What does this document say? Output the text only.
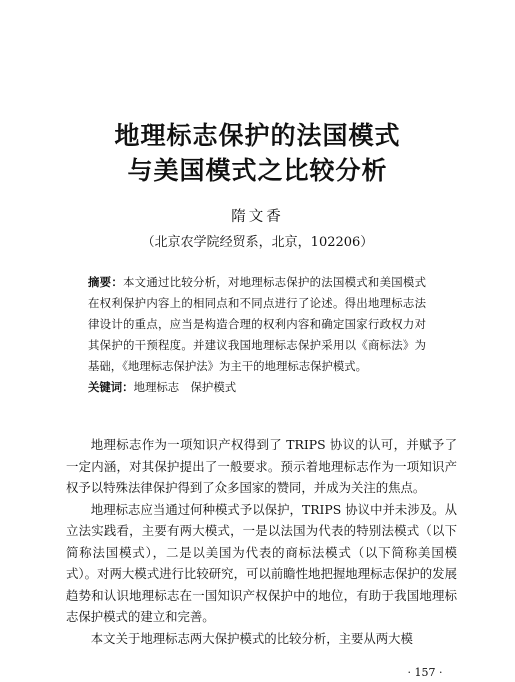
地理标志保护的法国模式
与美国模式之比较分析
隋文香
（北京农学院经贸系，北京，102206）

摘要：本文通过比较分析，对地理标志保护的法国模式和美国模式在权利保护内容上的相同点和不同点进行了论述。得出地理标志法律设计的重点，应当是构造合理的权利内容和确定国家行政权力对其保护的干预程度。并建议我国地理标志保护采用以《商标法》为基础，《地理标志保护法》为主干的地理标志保护模式。

关键词：地理标志　保护模式

地理标志作为一项知识产权得到了 TRIPS 协议的认可，并赋予了一定内涵，对其保护提出了一般要求。预示着地理标志作为一项知识产权予以特殊法律保护得到了众多国家的赞同，并成为关注的焦点。

地理标志应当通过何种模式予以保护，TRIPS 协议中并未涉及。从立法实践看，主要有两大模式，一是以法国为代表的特别法模式（以下简称法国模式），二是以美国为代表的商标法模式（以下简称美国模式）。对两大模式进行比较研究，可以前瞻性地把握地理标志保护的发展趋势和认识地理标志在一国知识产权保护中的地位，有助于我国地理标志保护模式的建立和完善。

本文关于地理标志两大保护模式的比较分析，主要从两大模

· 157 ·
